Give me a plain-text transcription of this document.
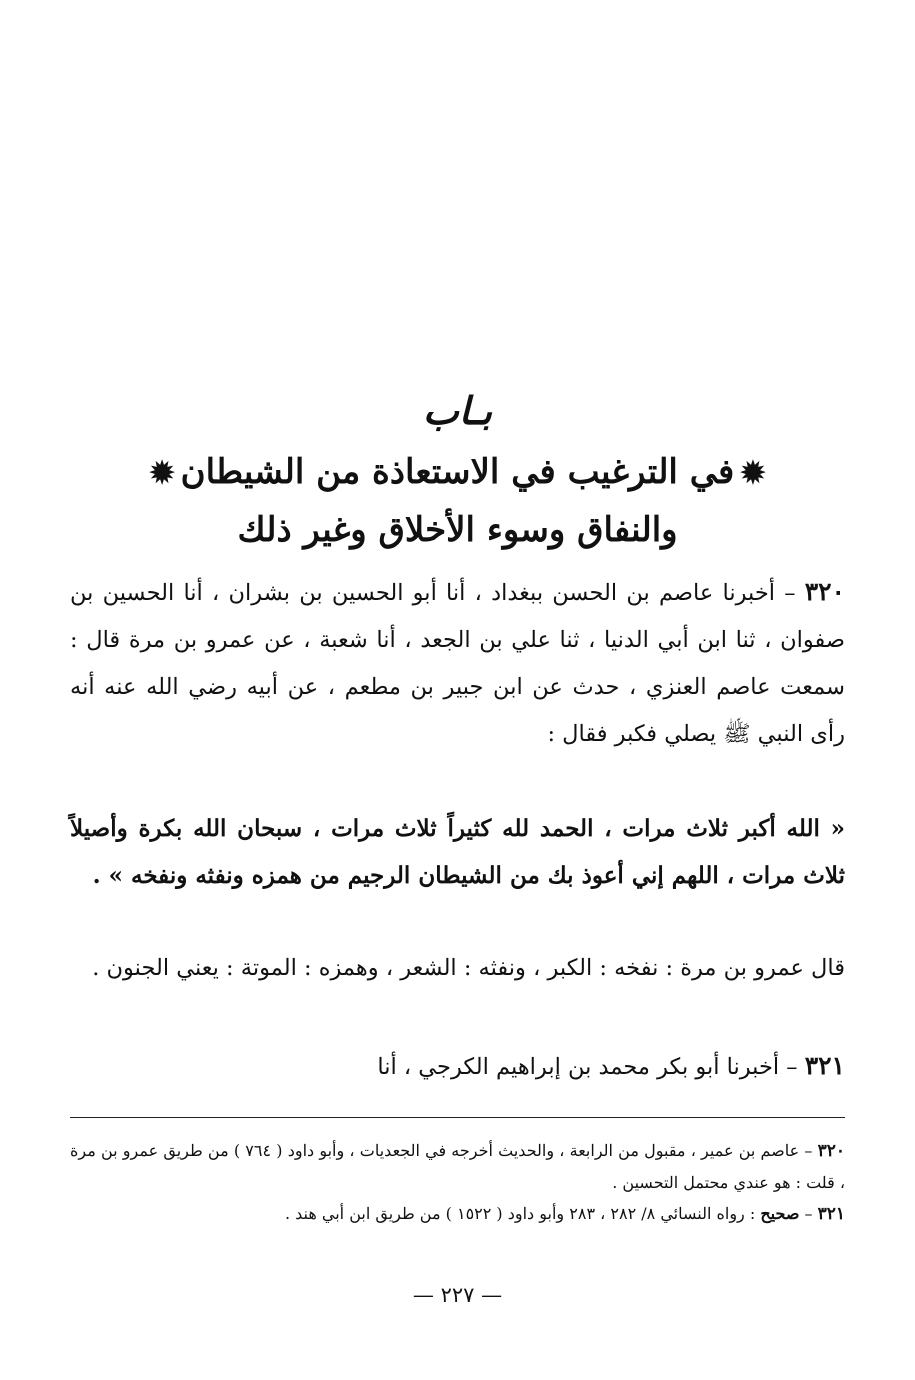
بـاب
✹في الترغيب في الاستعاذة من الشيطان✹
والنفاق وسوء الأخلاق وغير ذلك
٣٢٠ – أخبرنا عاصم بن الحسن ببغداد ، أنا أبو الحسين بن بشران ، أنا الحسين بن صفوان ، ثنا ابن أبي الدنيا ، ثنا علي بن الجعد ، أنا شعبة ، عن عمرو بن مرة قال : سمعت عاصم العنزي ، حدث عن ابن جبير بن مطعم ، عن أبيه رضي الله عنه أنه رأى النبي ﷺ يصلي فكبر فقال :
« الله أكبر ثلاث مرات ، الحمد لله كثيراً ثلاث مرات ، سبحان الله بكرة وأصيلاً ثلاث مرات ، اللهم إني أعوذ بك من الشيطان الرجيم من همزه ونفثه ونفخه » .
قال عمرو بن مرة : نفخه : الكبر ، ونفثه : الشعر ، وهمزه : الموتة : يعني الجنون .
٣٢١ – أخبرنا أبو بكر محمد بن إبراهيم الكرجي ، أنا
٣٢٠ – عاصم بن عمير ، مقبول من الرابعة ، والحديث أخرجه في الجعديات ، وأبو داود ( ٧٦٤ ) من طريق عمرو بن مرة ، قلت : هو عندي محتمل التحسين .
٣٢١ – صحيح : رواه النسائي ٨/ ٢٨٢ ، ٢٨٣ وأبو داود ( ١٥٢٢ ) من طريق ابن أبي هند .
— ٢٢٧ —
